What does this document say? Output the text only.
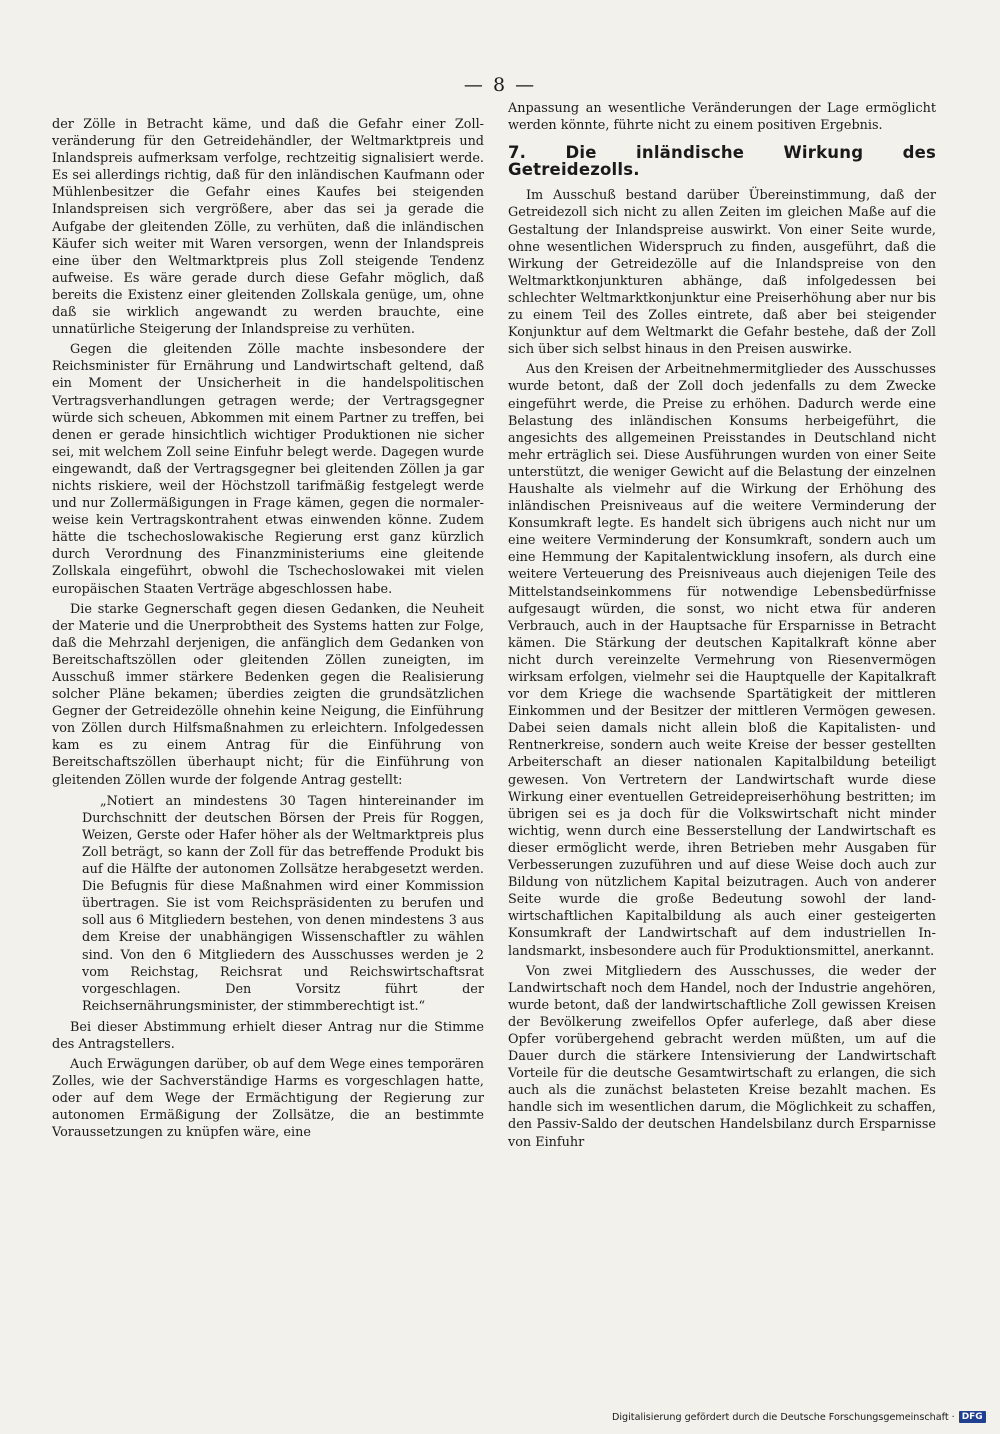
— 8 —

der Zölle in Betracht käme, und daß die Gefahr einer Zollveränderung für den Getreidehändler, der Weltmarktpreis und Inlandspreis aufmerksam verfolge, rechtzeitig signalisiert werde. Es sei allerdings richtig, daß für den inländischen Kaufmann oder Mühlenbesitzer die Gefahr eines Kaufes bei steigenden Inlandspreisen sich vergrößere, aber das sei ja gerade die Aufgabe der gleitenden Zölle, zu verhüten, daß die inländischen Käufer sich weiter mit Waren versorgen, wenn der Inlandspreis eine über den Weltmarktpreis plus Zoll steigende Tendenz aufweise. Es wäre gerade durch diese Gefahr möglich, daß bereits die Existenz einer gleitenden Zollskala genüge, um, ohne daß sie wirklich angewandt zu werden brauchte, eine unnatürliche Steigerung der Inlandspreise zu verhüten.

Gegen die gleitenden Zölle machte insbesondere der Reichsminister für Ernährung und Landwirtschaft geltend, daß ein Moment der Unsicherheit in die handelspolitischen Vertragsverhandlungen getragen werde; der Vertragsgegner würde sich scheuen, Abkommen mit einem Partner zu treffen, bei denen er gerade hinsichtlich wichtiger Produktionen nie sicher sei, mit welchem Zoll seine Einfuhr belegt werde. Dagegen wurde eingewandt, daß der Vertragsgegner bei gleitenden Zöllen ja gar nichts riskiere, weil der Höchstzoll tarifmäßig festgelegt werde und nur Zollermäßigungen in Frage kämen, gegen die normalerweise kein Vertragskontrahent etwas einwenden könne. Zudem hätte die tschechoslowakische Regierung erst ganz kürzlich durch Verordnung des Finanzministeriums eine gleitende Zollskala eingeführt, obwohl die Tschechoslowakei mit vielen europäischen Staaten Verträge abgeschlossen habe.

Die starke Gegnerschaft gegen diesen Gedanken, die Neuheit der Materie und die Unerprobtheit des Systems hatten zur Folge, daß die Mehrzahl derjenigen, die anfänglich dem Gedanken von Bereitschaftszöllen oder gleitenden Zöllen zuneigten, im Ausschuß immer stärkere Bedenken gegen die Realisierung solcher Pläne bekamen; überdies zeigten die grundsätzlichen Gegner der Getreidezölle ohnehin keine Neigung, die Einführung von Zöllen durch Hilfsmaßnahmen zu erleichtern. Infolgedessen kam es zu einem Antrag für die Einführung von Bereitschaftszöllen überhaupt nicht; für die Einführung von gleitenden Zöllen wurde der folgende Antrag gestellt:

„Notiert an mindestens 30 Tagen hintereinander im Durchschnitt der deutschen Börsen der Preis für Roggen, Weizen, Gerste oder Hafer höher als der Weltmarktpreis plus Zoll beträgt, so kann der Zoll für das betreffende Produkt bis auf die Hälfte der autonomen Zollsätze herabgesetzt werden. Die Befugnis für diese Maßnahmen wird einer Kommission übertragen. Sie ist vom Reichspräsidenten zu berufen und soll aus 6 Mitgliedern bestehen, von denen mindestens 3 aus dem Kreise der unabhängigen Wissenschaftler zu wählen sind. Von den 6 Mitgliedern des Ausschusses werden je 2 vom Reichstag, Reichsrat und Reichswirtschaftsrat vorgeschlagen. Den Vorsitz führt der Reichsernährungsminister, der stimmberechtigt ist.“

Bei dieser Abstimmung erhielt dieser Antrag nur die Stimme des Antragstellers.

Auch Erwägungen darüber, ob auf dem Wege eines temporären Zolles, wie der Sachverständige Harms es vorgeschlagen hatte, oder auf dem Wege der Ermächtigung der Regierung zur autonomen Ermäßigung der Zollsätze, die an bestimmte Voraussetzungen zu knüpfen wäre, eine

Anpassung an wesentliche Veränderungen der Lage ermöglicht werden könnte, führte nicht zu einem positiven Ergebnis.

7. Die inländische Wirkung des Getreidezolls.

Im Ausschuß bestand darüber Übereinstimmung, daß der Getreidezoll sich nicht zu allen Zeiten im gleichen Maße auf die Gestaltung der Inlandspreise auswirkt. Von einer Seite wurde, ohne wesentlichen Widerspruch zu finden, ausgeführt, daß die Wirkung der Getreidezölle auf die Inlandspreise von den Weltmarktkonjunkturen abhänge, daß infolgedessen bei schlechter Weltmarktkonjunktur eine Preiserhöhung aber nur bis zu einem Teil des Zolles eintrete, daß aber bei steigender Konjunktur auf dem Weltmarkt die Gefahr bestehe, daß der Zoll sich über sich selbst hinaus in den Preisen auswirke.

Aus den Kreisen der Arbeitnehmermitglieder des Ausschusses wurde betont, daß der Zoll doch jedenfalls zu dem Zwecke eingeführt werde, die Preise zu erhöhen. Dadurch werde eine Belastung des inländischen Konsums herbeigeführt, die angesichts des allgemeinen Preisstandes in Deutschland nicht mehr erträglich sei. Diese Ausführungen wurden von einer Seite unterstützt, die weniger Gewicht auf die Belastung der einzelnen Haushalte als vielmehr auf die Wirkung der Erhöhung des inländischen Preisniveaus auf die weitere Verminderung der Konsumkraft legte. Es handelt sich übrigens auch nicht nur um eine weitere Verminderung der Konsumkraft, sondern auch um eine Hemmung der Kapitalentwicklung insofern, als durch eine weitere Verteuerung des Preisniveaus auch diejenigen Teile des Mittelstandseinkommens für notwendige Lebensbedürfnisse aufgesaugt würden, die sonst, wo nicht etwa für anderen Verbrauch, auch in der Hauptsache für Ersparnisse in Betracht kämen. Die Stärkung der deutschen Kapitalkraft könne aber nicht durch vereinzelte Vermehrung von Riesenvermögen wirksam erfolgen, vielmehr sei die Hauptquelle der Kapitalkraft vor dem Kriege die wachsende Spartätigkeit der mittleren Einkommen und der Besitzer der mittleren Vermögen gewesen. Dabei seien damals nicht allein bloß die Kapitalisten- und Rentnerkreise, sondern auch weite Kreise der besser gestellten Arbeiterschaft an dieser nationalen Kapitalbildung beteiligt gewesen. Von Vertretern der Landwirtschaft wurde diese Wirkung einer eventuellen Getreidepreiserhöhung bestritten; im übrigen sei es ja doch für die Volkswirtschaft nicht minder wichtig, wenn durch eine Besserstellung der Landwirtschaft es dieser ermöglicht werde, ihren Betrieben mehr Ausgaben für Verbesserungen zuzuführen und auf diese Weise doch auch zur Bildung von nützlichem Kapital beizutragen. Auch von anderer Seite wurde die große Bedeutung sowohl der landwirtschaftlichen Kapitalbildung als auch einer gesteigerten Konsumkraft der Landwirtschaft auf dem industriellen Inlandsmarkt, insbesondere auch für Produktionsmittel, anerkannt.

Von zwei Mitgliedern des Ausschusses, die weder der Landwirtschaft noch dem Handel, noch der Industrie angehören, wurde betont, daß der landwirtschaftliche Zoll gewissen Kreisen der Bevölkerung zweifellos Opfer auferlege, daß aber diese Opfer vorübergehend gebracht werden müßten, um auf die Dauer durch die stärkere Intensivierung der Landwirtschaft Vorteile für die deutsche Gesamtwirtschaft zu erlangen, die sich auch als die zunächst belasteten Kreise bezahlt machen. Es handle sich im wesentlichen darum, die Möglichkeit zu schaffen, den Passiv-Saldo der deutschen Handelsbilanz durch Ersparnisse von Einfuhr

Digitalisierung gefördert durch die Deutsche Forschungsgemeinschaft · DFG
